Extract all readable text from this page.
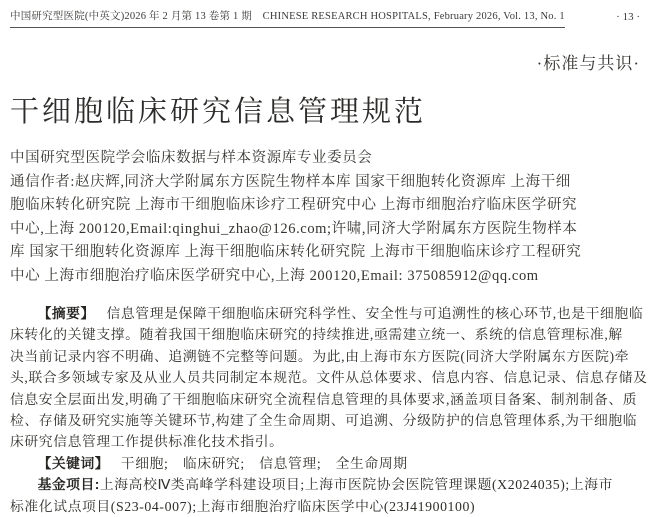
中国研究型医院(中英文)2026 年 2 月第 13 卷第 1 期　CHINESE RESEARCH HOSPITALS, February 2026, Vol. 13, No. 1	· 13 ·
·标准与共识·
干细胞临床研究信息管理规范
中国研究型医院学会临床数据与样本资源库专业委员会
通信作者:赵庆辉,同济大学附属东方医院生物样本库 国家干细胞转化资源库 上海干细
胞临床转化研究院 上海市干细胞临床诊疗工程研究中心 上海市细胞治疗临床医学研究
中心,上海 200120,Email:qinghui_zhao@126.com;许啸,同济大学附属东方医院生物样本
库 国家干细胞转化资源库 上海干细胞临床转化研究院 上海市干细胞临床诊疗工程研究
中心 上海市细胞治疗临床医学研究中心,上海 200120,Email: 375085912@qq.com
【摘要】 信息管理是保障干细胞临床研究科学性、安全性与可追溯性的核心环节,也是干细胞临
床转化的关键支撑。随着我国干细胞临床研究的持续推进,亟需建立统一、系统的信息管理标准,解
决当前记录内容不明确、追溯链不完整等问题。为此,由上海市东方医院(同济大学附属东方医院)牵
头,联合多领域专家及从业人员共同制定本规范。文件从总体要求、信息内容、信息记录、信息存储及
信息安全层面出发,明确了干细胞临床研究全流程信息管理的具体要求,涵盖项目备案、制剂制备、质
检、存储及研究实施等关键环节,构建了全生命周期、可追溯、分级防护的信息管理体系,为干细胞临
床研究信息管理工作提供标准化技术指引。
【关键词】 干细胞;　临床研究;　信息管理;　全生命周期
基金项目:上海高校Ⅳ类高峰学科建设项目;上海市医院协会医院管理课题(X2024035);上海市
标准化试点项目(S23-04-007);上海市细胞治疗临床医学中心(23J41900100)
